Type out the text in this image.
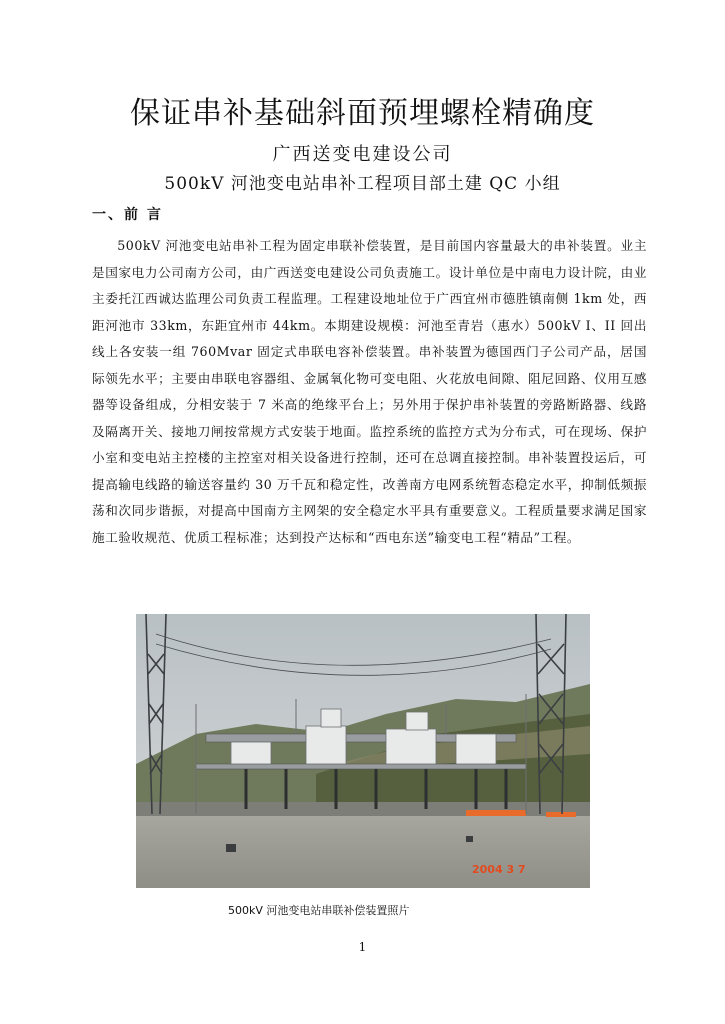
保证串补基础斜面预埋螺栓精确度
广西送变电建设公司
500kV 河池变电站串补工程项目部土建 QC 小组
一、前 言
500kV 河池变电站串补工程为固定串联补偿装置，是目前国内容量最大的串补装置。业主是国家电力公司南方公司，由广西送变电建设公司负责施工。设计单位是中南电力设计院，由业主委托江西诚达监理公司负责工程监理。工程建设地址位于广西宜州市德胜镇南侧 1km 处，西距河池市 33km，东距宜州市 44km。本期建设规模：河池至青岩（惠水）500kV I、II 回出线上各安装一组 760Mvar 固定式串联电容补偿装置。串补装置为德国西门子公司产品，居国际领先水平；主要由串联电容器组、金属氧化物可变电阻、火花放电间隙、阻尼回路、仪用互感器等设备组成，分相安装于 7 米高的绝缘平台上；另外用于保护串补装置的旁路断路器、线路及隔离开关、接地刀闸按常规方式安装于地面。监控系统的监控方式为分布式，可在现场、保护小室和变电站主控楼的主控室对相关设备进行控制，还可在总调直接控制。串补装置投运后，可提高输电线路的输送容量约 30 万千瓦和稳定性，改善南方电网系统暂态稳定水平，抑制低频振荡和次同步谐振，对提高中国南方主网架的安全稳定水平具有重要意义。工程质量要求满足国家施工验收规范、优质工程标准；达到投产达标和“西电东送”输变电工程“精品”工程。
2004 3 7
500kV 河池变电站串联补偿装置照片
1
